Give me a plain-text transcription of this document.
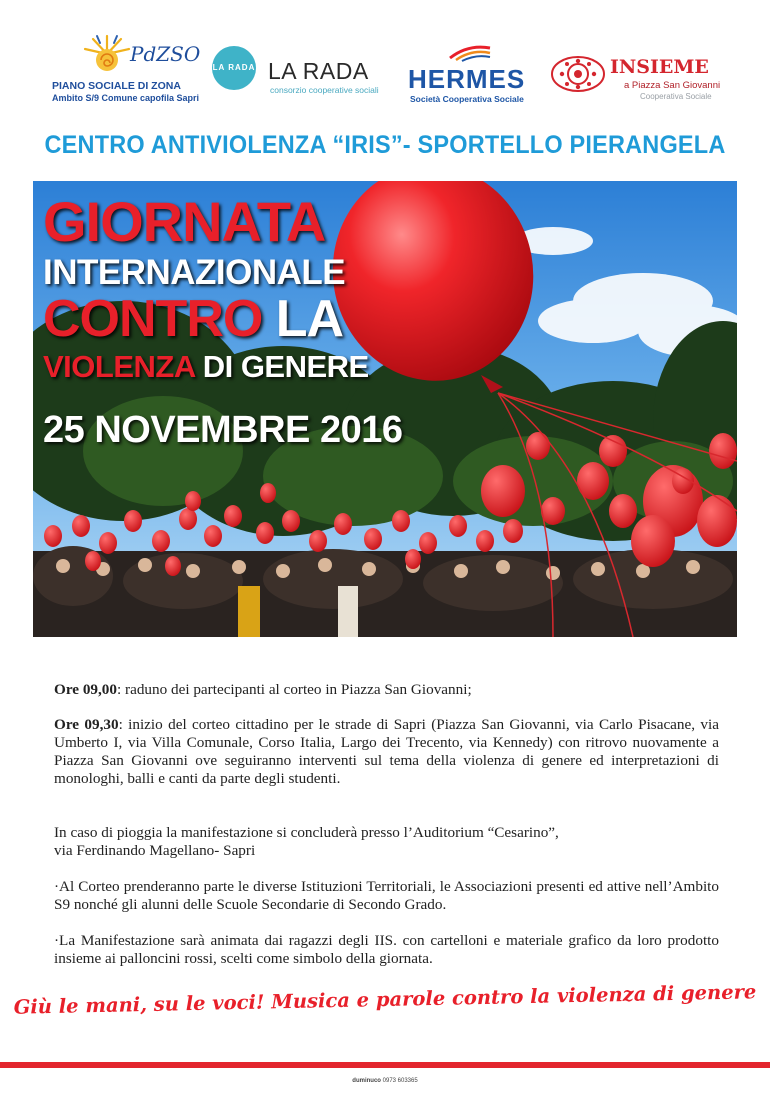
PdZSO
PIANO SOCIALE DI ZONA
Ambito S/9 Comune capofila Sapri
LA RADA LA RADA
consorzio cooperative sociali HERMES
Società Cooperativa Sociale
INSIEME
a Piazza San Giovanni
Cooperativa Sociale
CENTRO ANTIVIOLENZA “IRIS”- SPORTELLO PIERANGELA
GIORNATA
INTERNAZIONALE
CONTRO LA
VIOLENZA DI GENERE
25 NOVEMBRE 2016
Ore 09,00: raduno dei partecipanti al corteo in Piazza San Giovanni;
Ore 09,30: inizio del corteo cittadino per le strade di Sapri (Piazza San Giovanni, via Carlo Pisacane, via Umberto I, via Villa Comunale, Corso Italia, Largo dei Trecento, via Kennedy) con ritrovo nuovamente a Piazza San Giovanni ove seguiranno interventi sul tema della violenza di genere ed interpretazioni di monologhi, balli e canti da parte degli studenti.
In caso di pioggia la manifestazione si concluderà presso l’Auditorium “Cesarino”,
via Ferdinando Magellano- Sapri
·Al Corteo prenderanno parte le diverse Istituzioni Territoriali, le Associazioni presenti ed attive nell’Ambito S9 nonché gli alunni delle Scuole Secondarie di Secondo Grado.
·La Manifestazione sarà animata dai ragazzi degli IIS. con cartelloni e materiale grafico da loro prodotto insieme ai palloncini rossi, scelti come simbolo della giornata.
Giù le mani, su le voci! Musica e parole contro la violenza di genere
duminuco 0973 603365
